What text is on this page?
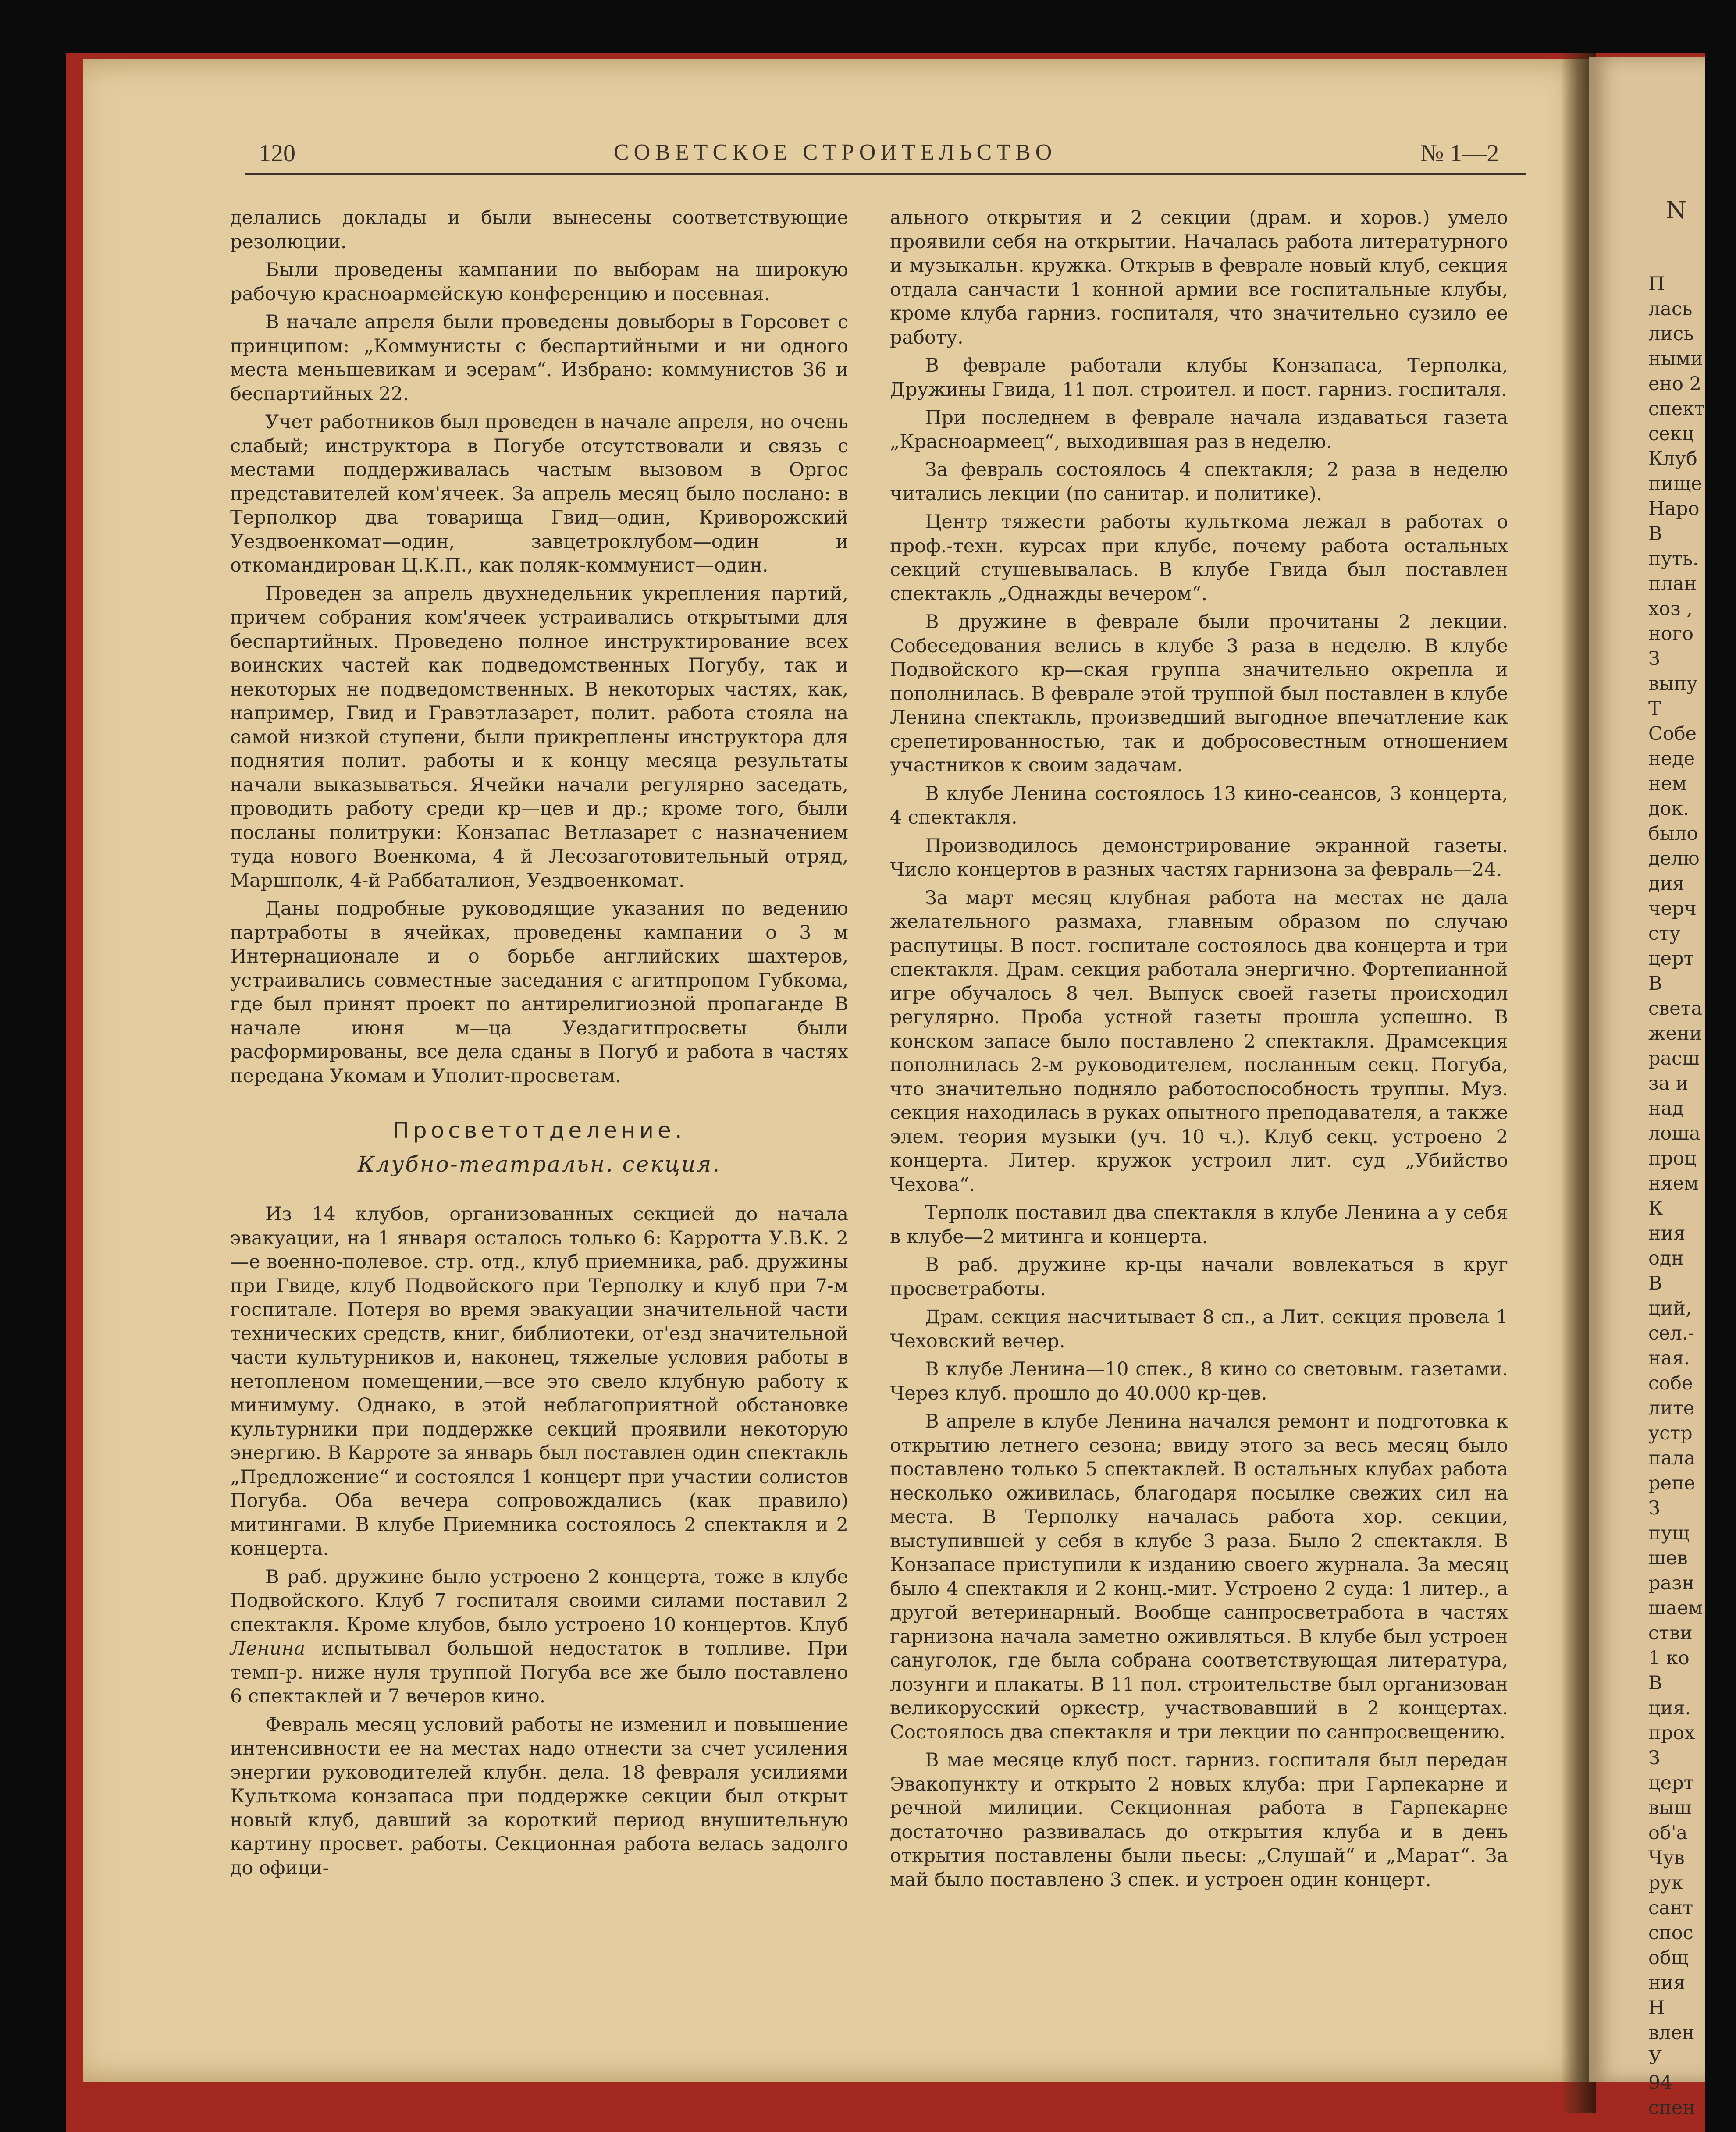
120	СОВЕТСКОЕ СТРОИТЕЛЬСТВО	№ 1—2

делались доклады и были вынесены соответствующие резолюции.

Были проведены кампании по выборам на широкую рабочую красноармейскую конференцию и посевная.

В начале апреля были проведены довыборы в Горсовет с принципом: „Коммунисты с беспартийными и ни одного места меньшевикам и эсерам“. Избрано: коммунистов 36 и беспартийных 22.

Учет работников был проведен в начале апреля, но очень слабый; инструктора в Погубе отсутствовали и связь с местами поддерживалась частым вызовом в Оргос представителей ком'ячеек. За апрель месяц было послано: в Терполкор два товарища Гвид—один, Криворожский Уездвоенкомат—один, завцетроклубом—один и откомандирован Ц.К.П., как поляк-коммунист—один.

Проведен за апрель двухнедельник укрепления партий, причем собрания ком'ячеек устраивались открытыми для беспартийных. Проведено полное инструктирование всех воинских частей как подведомственных Погубу, так и некоторых не подведомственных. В некоторых частях, как, например, Гвид и Гравэтлазарет, полит. работа стояла на самой низкой ступени, были прикреплены инструктора для поднятия полит. работы и к концу месяца результаты начали выказываться. Ячейки начали регулярно заседать, проводить работу среди кр—цев и др.; кроме того, были посланы политруки: Конзапас Ветлазарет с назначением туда нового Военкома, 4 й Лесозаготовительный отряд, Маршполк, 4-й Раббаталион, Уездвоенкомат.

Даны подробные руководящие указания по ведению партработы в ячейках, проведены кампании о 3 м Интернационале и о борьбе английских шахтеров, устраивались совместные заседания с агитпропом Губкома, где был принят проект по антирелигиозной пропаганде В начале июня м—ца Уездагитпросветы были расформированы, все дела сданы в Погуб и работа в частях передана Укомам и Уполит-просветам.

Просветотделение.
Клубно-театральн. секция.

Из 14 клубов, организованных секцией до начала эвакуации, на 1 января осталось только 6: Карротта У.В.К. 2—е военно-полевое. стр. отд., клуб приемника, раб. дружины при Гвиде, клуб Подвойского при Терполку и клуб при 7-м госпитале. Потеря во время эвакуации значительной части технических средств, книг, библиотеки, от'езд значительной части культурников и, наконец, тяжелые условия работы в нетопленом помещении,—все это свело клубную работу к минимуму. Однако, в этой неблагоприятной обстановке культурники при поддержке секций проявили некоторую энергию. В Карроте за январь был поставлен один спектакль „Предложение“ и состоялся 1 концерт при участии солистов Погуба. Оба вечера сопровождались (как правило) митингами. В клубе Приемника состоялось 2 спектакля и 2 концерта.

В раб. дружине было устроено 2 концерта, тоже в клубе Подвойского. Клуб 7 госпиталя своими силами поставил 2 спектакля. Кроме клубов, было устроено 10 концертов. Клуб Ленина испытывал большой недостаток в топливе. При темп-р. ниже нуля труппой Погуба все же было поставлено 6 спектаклей и 7 вечеров кино.

Февраль месяц условий работы не изменил и повышение интенсивности ее на местах надо отнести за счет усиления энергии руководителей клубн. дела. 18 февраля усилиями Культкома конзапаса при поддержке секции был открыт новый клуб, давший за короткий период внушительную картину просвет. работы. Секционная работа велась задолго до офици-

ального открытия и 2 секции (драм. и хоров.) умело проявили себя на открытии. Началась работа литературного и музыкальн. кружка. Открыв в феврале новый клуб, секция отдала санчасти 1 конной армии все госпитальные клубы, кроме клуба гарниз. госпиталя, что значительно сузило ее работу.

В феврале работали клубы Конзапаса, Терполка, Дружины Гвида, 11 пол. строител. и пост. гарниз. госпиталя.

При последнем в феврале начала издаваться газета „Красноармеец“, выходившая раз в неделю.

За февраль состоялось 4 спектакля; 2 раза в неделю читались лекции (по санитар. и политике).

Центр тяжести работы культкома лежал в работах о проф.-техн. курсах при клубе, почему работа остальных секций стушевывалась. В клубе Гвида был поставлен спектакль „Однажды вечером“.

В дружине в феврале были прочитаны 2 лекции. Собеседования велись в клубе 3 раза в неделю. В клубе Подвойского кр—ская группа значительно окрепла и пополнилась. В феврале этой труппой был поставлен в клубе Ленина спектакль, произведший выгодное впечатление как срепетированностью, так и добросовестным отношением участников к своим задачам.

В клубе Ленина состоялось 13 кино-сеансов, 3 концерта, 4 спектакля.

Производилось демонстрирование экранной газеты. Число концертов в разных частях гарнизона за февраль—24.

За март месяц клубная работа на местах не дала желательного размаха, главным образом по случаю распутицы. В пост. госпитале состоялось два концерта и три спектакля. Драм. секция работала энергично. Фортепианной игре обучалось 8 чел. Выпуск своей газеты происходил регулярно. Проба устной газеты прошла успешно. В конском запасе было поставлено 2 спектакля. Драмсекция пополнилась 2-м руководителем, посланным секц. Погуба, что значительно подняло работоспособность труппы. Муз. секция находилась в руках опытного преподавателя, а также элем. теория музыки (уч. 10 ч.). Клуб секц. устроено 2 концерта. Литер. кружок устроил лит. суд „Убийство Чехова“.

Терполк поставил два спектакля в клубе Ленина а у себя в клубе—2 митинга и концерта.

В раб. дружине кр-цы начали вовлекаться в круг просветработы.

Драм. секция насчитывает 8 сп., а Лит. секция провела 1 Чеховский вечер.

В клубе Ленина—10 спек., 8 кино со световым. газетами. Через клуб. прошло до 40.000 кр-цев.

В апреле в клубе Ленина начался ремонт и подготовка к открытию летнего сезона; ввиду этого за весь месяц было поставлено только 5 спектаклей. В остальных клубах работа несколько оживилась, благодаря посылке свежих сил на места. В Терполку началась работа хор. секции, выступившей у себя в клубе 3 раза. Было 2 спектакля. В Конзапасе приступили к изданию своего журнала. За месяц было 4 спектакля и 2 конц.-мит. Устроено 2 суда: 1 литер., а другой ветеринарный. Вообще санпросветработа в частях гарнизона начала заметно оживляться. В клубе был устроен санугoлок, где была собрана соответствующая литература, лозунги и плакаты. В 11 пол. строительстве был организован великорусский оркестр, участвовавший в 2 концертах. Состоялось два спектакля и три лекции по санпросвещению.

В мае месяце клуб пост. гарниз. госпиталя был передан Эвакопункту и открыто 2 новых клуба: при Гарпекарне и речной милиции. Секционная работа в Гарпекарне достаточно развивалась до открытия клуба и в день открытия поставлены были пьесы: „Слушай“ и „Марат“. За май было поставлено 3 спек. и устроен один концерт.

N
П
лась
лись
ными
ено 2
спект
секц
Клуб
пище
Наро
В
путь.
план
хоз ,
ного
З
выпу
Т
Собе
неде
нем
док.
было
делю
дия
черч
сту
церт
В
света
жени
расш
за и
над
лоша
проц
няем
К
ния
одн
В
ций,
сел.-
ная.
собе
лите
устр
пала
репе
З
пущ
шев
разн
шаем
стви
1 ко
В
ция.
прох
З
церт
выш
об'а
Чув
рук
сант
спос
общ
ния
Н
влен
У
94
спен
